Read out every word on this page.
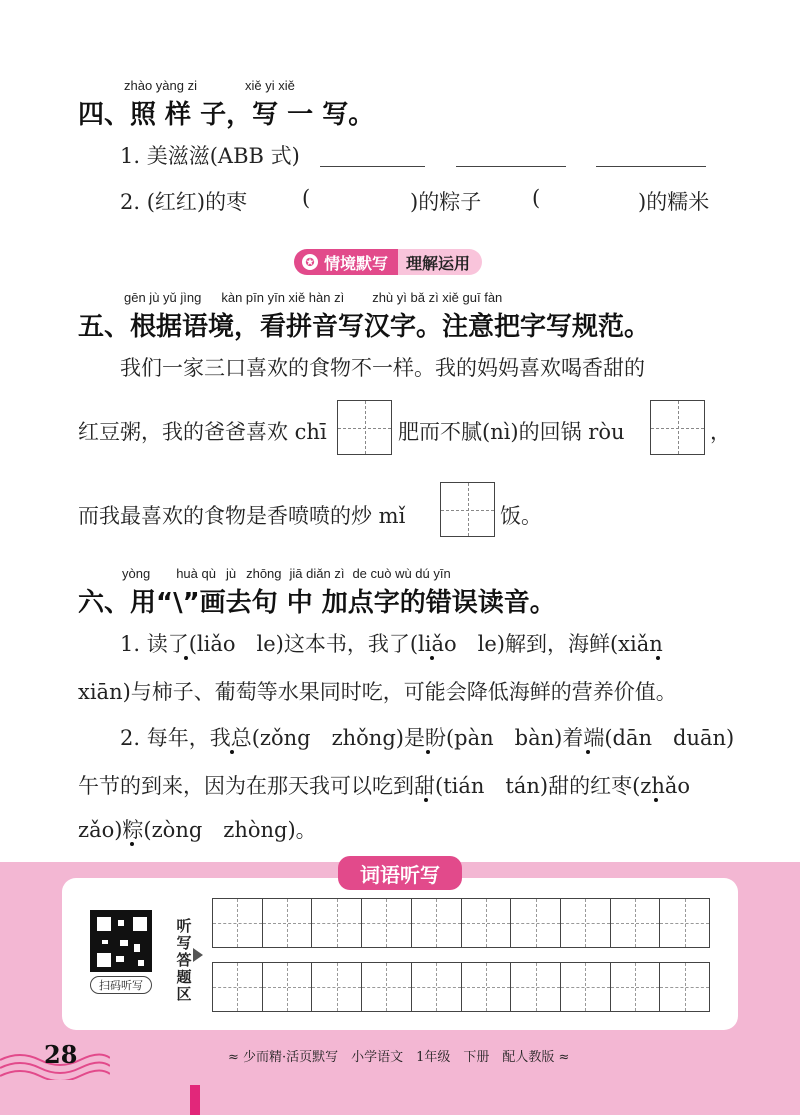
zhào yàng zi	xiě yi xiě
四、照 样 子，写 一 写。
1. 美滋滋(ABB 式)
2. (红红)的枣	(	)的粽子 (	)的糯米
✪ 情境默写 理解运用
gēn jù yǔ jìng kàn pīn yīn xiě hàn zì zhù yì bǎ zì xiě guī fàn
五、根据语境，看拼音写汉字。注意把字写规范。
我们一家三口喜欢的食物不一样。我的妈妈喜欢喝香甜的
红豆粥，我的爸爸喜欢 chī	肥而不腻(nì)的回锅 ròu	，
而我最喜欢的食物是香喷喷的炒 mǐ	饭。
yòng huà qù jù zhōng jiā diǎn zì de cuò wù dú yīn
六、用“\”画去句 中 加点字的错误读音。
1. 读了(liǎo　le)这本书，我了(liǎo　le)解到，海鲜(xiǎn
xiān)与柿子、葡萄等水果同时吃，可能会降低海鲜的营养价值。
2. 每年，我总(zǒng　zhǒng)是盼(pàn　bàn)着端(dān　duān)
午节的到来，因为在那天我可以吃到甜(tián　tán)甜的红枣(zhǎo
zǎo)粽(zòng　zhòng)。
词语听写
扫码听写
听写答题区
28	≈ 少而精·活页默写　小学语文　1年级　下册　配人教版 ≈
